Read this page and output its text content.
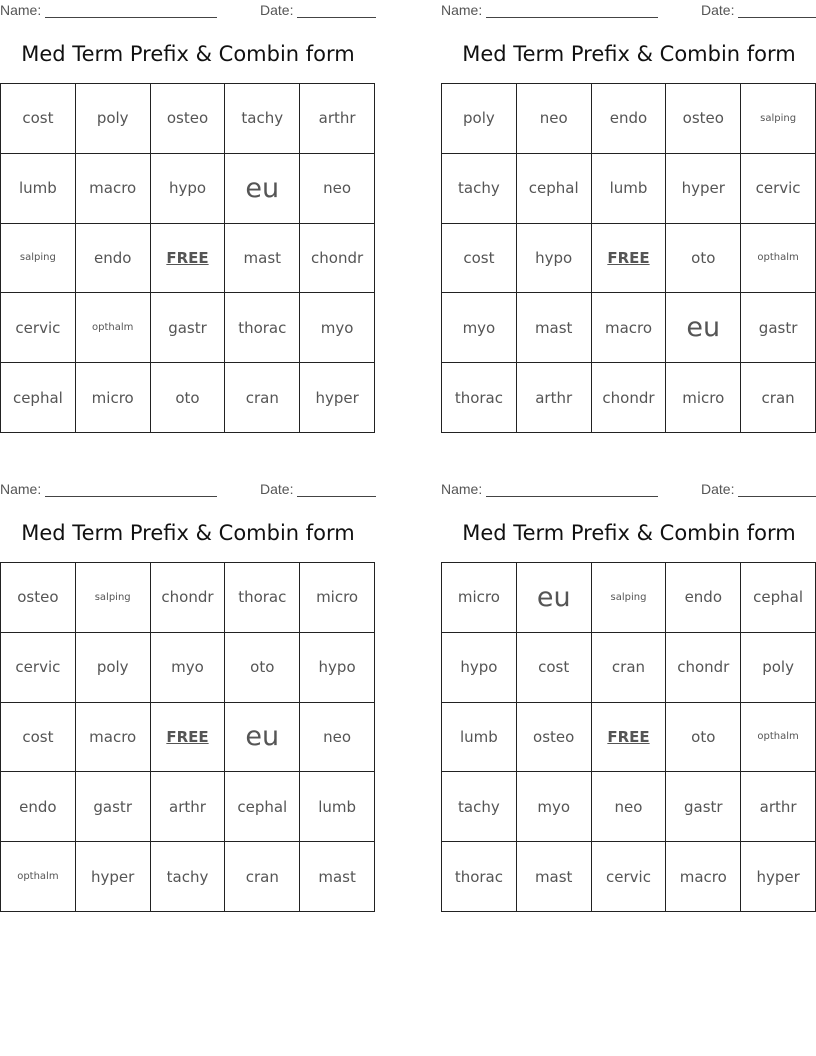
Name:	Date:
Med Term Prefix & Combin form
cost	poly	osteo	tachy	arthr
lumb	macro	hypo	eu	neo
salping	endo	FREE	mast	chondr
cervic	opthalm	gastr	thorac	myo
cephal	micro	oto	cran	hyper
Name:	Date:
Med Term Prefix & Combin form
poly	neo	endo	osteo	salping
tachy	cephal	lumb	hyper	cervic
cost	hypo	FREE	oto	opthalm
myo	mast	macro	eu	gastr
thorac	arthr	chondr	micro	cran
Name:	Date:
Med Term Prefix & Combin form
osteo	salping	chondr	thorac	micro
cervic	poly	myo	oto	hypo
cost	macro	FREE	eu	neo
endo	gastr	arthr	cephal	lumb
opthalm	hyper	tachy	cran	mast
Name:	Date:
Med Term Prefix & Combin form
micro	eu	salping	endo	cephal
hypo	cost	cran	chondr	poly
lumb	osteo	FREE	oto	opthalm
tachy	myo	neo	gastr	arthr
thorac	mast	cervic	macro	hyper
